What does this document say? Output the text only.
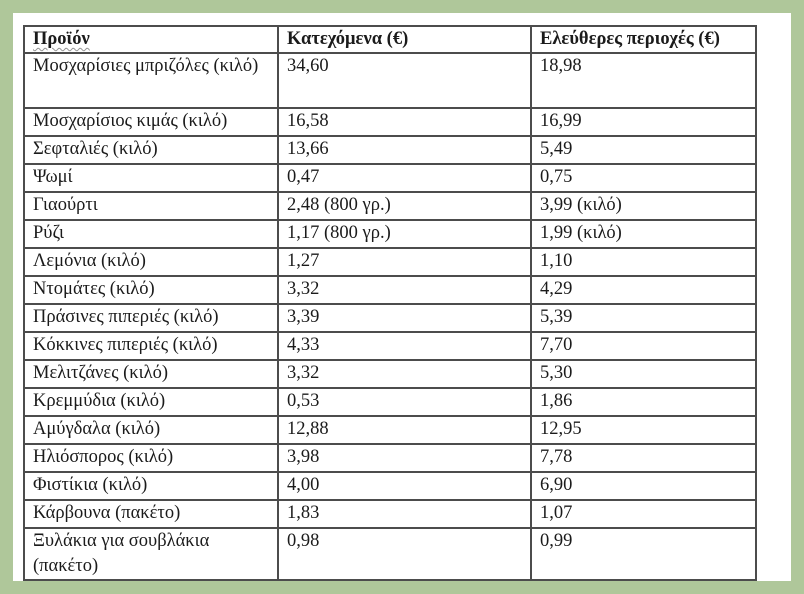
Προϊόν	Κατεχόμενα (€)	Ελεύθερες περιοχές (€)
Μοσχαρίσιες μπριζόλες (κιλό)	34,60	18,98
Μοσχαρίσιος κιμάς (κιλό)	16,58	16,99
Σεφταλιές (κιλό)	13,66	5,49
Ψωμί	0,47	0,75
Γιαούρτι	2,48 (800 γρ.)	3,99 (κιλό)
Ρύζι	1,17 (800 γρ.)	1,99 (κιλό)
Λεμόνια (κιλό)	1,27	1,10
Ντομάτες (κιλό)	3,32	4,29
Πράσινες πιπεριές (κιλό)	3,39	5,39
Κόκκινες πιπεριές (κιλό)	4,33	7,70
Μελιτζάνες (κιλό)	3,32	5,30
Κρεμμύδια (κιλό)	0,53	1,86
Αμύγδαλα (κιλό)	12,88	12,95
Ηλιόσπορος (κιλό)	3,98	7,78
Φιστίκια (κιλό)	4,00	6,90
Κάρβουνα (πακέτο)	1,83	1,07
Ξυλάκια για σουβλάκια (πακέτο)	0,98	0,99
